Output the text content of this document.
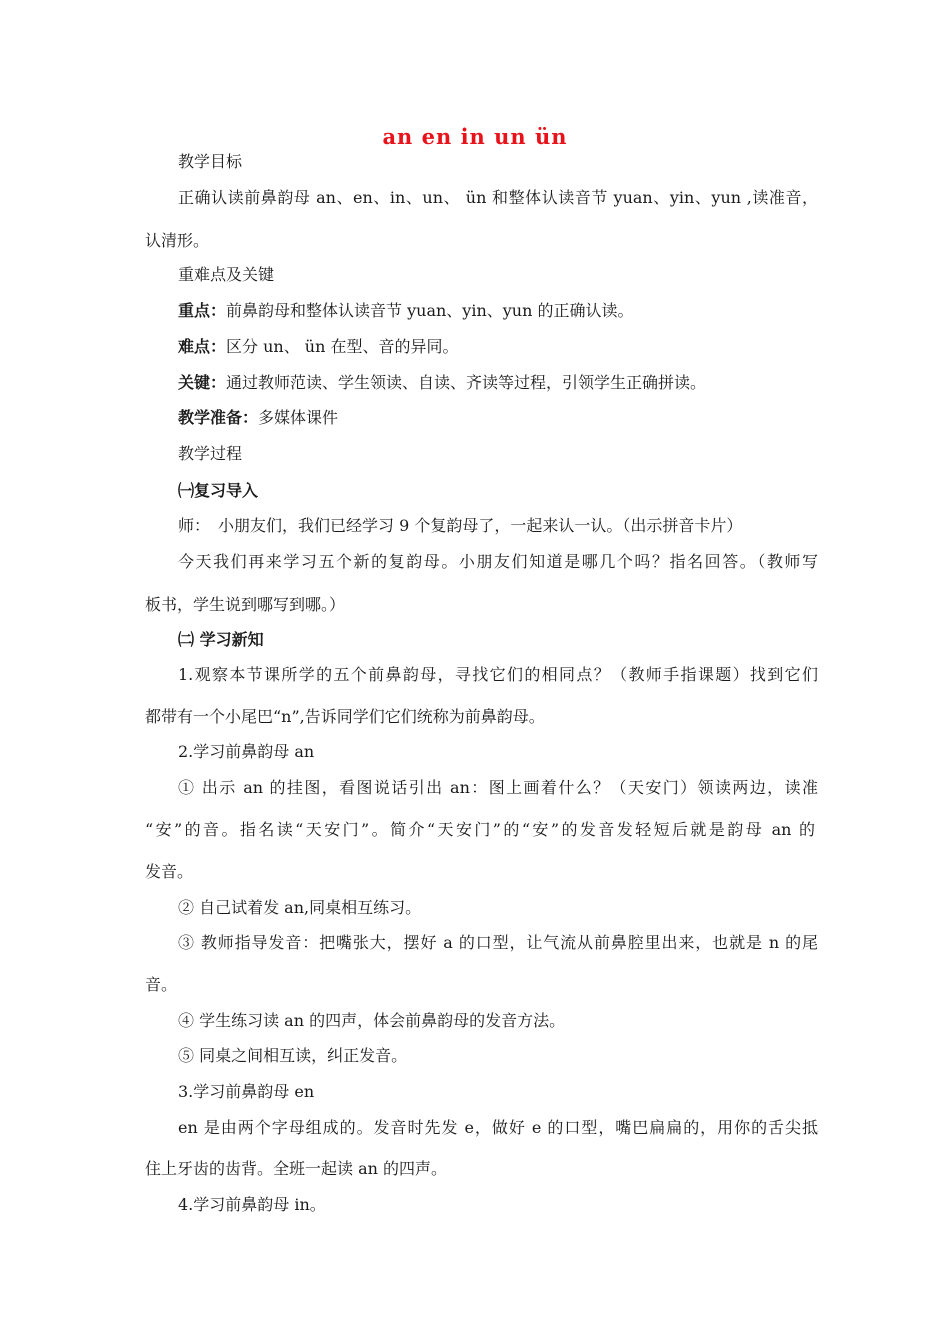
an en in un ün
教学目标
正确认读前鼻韵母 an、en、in、un、 ün 和整体认读音节 yuan、yin、yun ,读准音，
认清形。
重难点及关键
重点：前鼻韵母和整体认读音节 yuan、yin、yun 的正确认读。
难点：区分 un、 ün 在型、音的异同。
关键：通过教师范读、学生领读、自读、齐读等过程，引领学生正确拼读。
教学准备：多媒体课件
教学过程
㈠复习导入
师：　小朋友们，我们已经学习 9 个复韵母了，一起来认一认。（出示拼音卡片）
今天我们再来学习五个新的复韵母。小朋友们知道是哪几个吗？指名回答。（教师写
板书，学生说到哪写到哪。）
㈡ 学习新知
1.观察本节课所学的五个前鼻韵母，寻找它们的相同点？（教师手指课题）找到它们
都带有一个小尾巴“n”,告诉同学们它们统称为前鼻韵母。
2.学习前鼻韵母 an
① 出示 an 的挂图，看图说话引出 an：图上画着什么？（天安门）领读两边，读准
“安”的音。指名读“天安门”。简介“天安门”的“安”的发音发轻短后就是韵母 an 的
发音。
② 自己试着发 an,同桌相互练习。
③ 教师指导发音：把嘴张大，摆好 a 的口型，让气流从前鼻腔里出来，也就是 n 的尾
音。
④ 学生练习读 an 的四声，体会前鼻韵母的发音方法。
⑤ 同桌之间相互读，纠正发音。
3.学习前鼻韵母 en
en 是由两个字母组成的。发音时先发 e，做好 e 的口型，嘴巴扁扁的，用你的舌尖抵
住上牙齿的齿背。全班一起读 an 的四声。
4.学习前鼻韵母 in。
